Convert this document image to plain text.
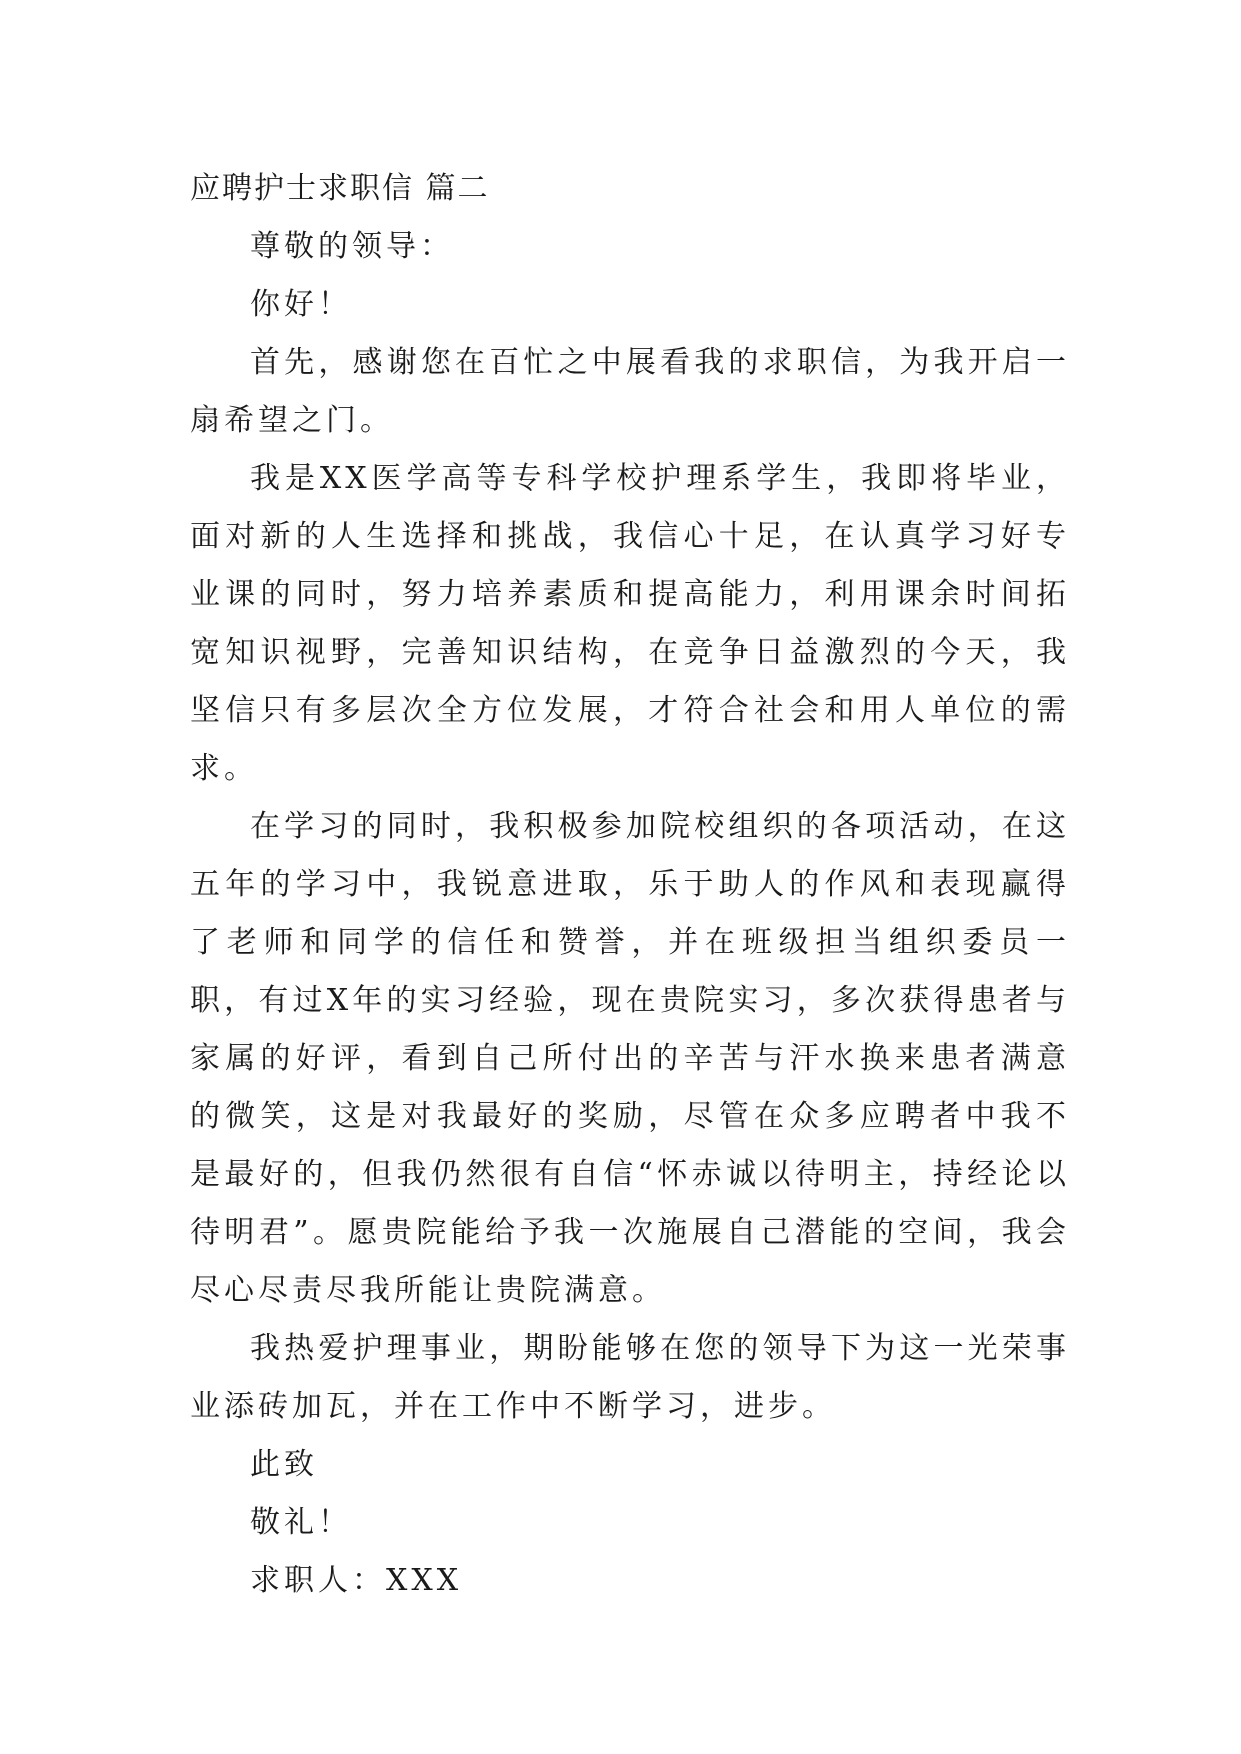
应聘护士求职信 篇二

尊敬的领导：

你好！

首先，感谢您在百忙之中展看我的求职信，为我开启一扇希望之门。

我是XX医学高等专科学校护理系学生，我即将毕业，面对新的人生选择和挑战，我信心十足，在认真学习好专业课的同时，努力培养素质和提高能力，利用课余时间拓宽知识视野，完善知识结构，在竞争日益激烈的今天，我坚信只有多层次全方位发展，才符合社会和用人单位的需求。

在学习的同时，我积极参加院校组织的各项活动，在这五年的学习中，我锐意进取，乐于助人的作风和表现赢得了老师和同学的信任和赞誉，并在班级担当组织委员一职，有过X年的实习经验，现在贵院实习，多次获得患者与家属的好评，看到自己所付出的辛苦与汗水换来患者满意的微笑，这是对我最好的奖励，尽管在众多应聘者中我不是最好的，但我仍然很有自信“怀赤诚以待明主，持经论以待明君”。愿贵院能给予我一次施展自己潜能的空间，我会尽心尽责尽我所能让贵院满意。

我热爱护理事业，期盼能够在您的领导下为这一光荣事业添砖加瓦，并在工作中不断学习，进步。

此致

敬礼！

求职人：XXX
